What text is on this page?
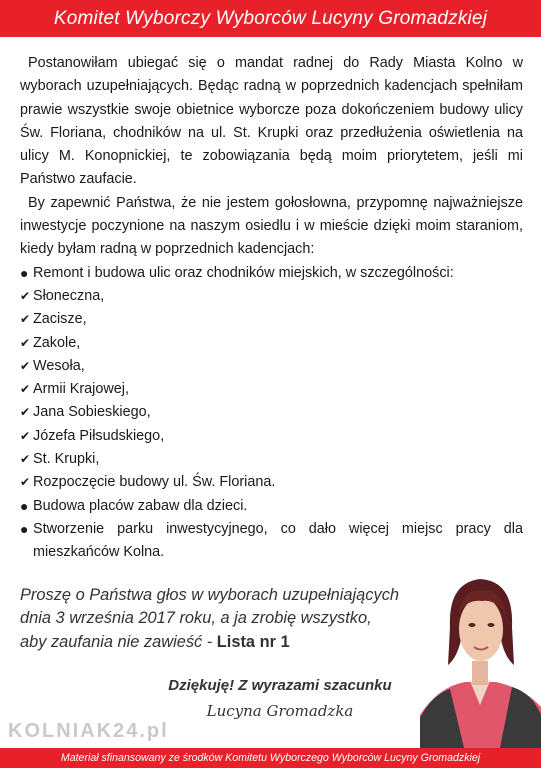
Komitet Wyborczy Wyborców Lucyny Gromadzkiej

Postanowiłam ubiegać się o mandat radnej do Rady Miasta Kolno w wyborach uzupełniających. Będąc radną w poprzednich kadencjach spełniłam prawie wszystkie swoje obietnice wyborcze poza dokończeniem budowy ulicy Św. Floriana, chodników na ul. St. Krupki oraz przedłużenia oświetlenia na ulicy M. Konopnickiej, te zobowiązania będą moim priorytetem, jeśli mi Państwo zaufacie.

By zapewnić Państwa, że nie jestem gołosłowna, przypomnę najważniejsze inwestycje poczynione na naszym osiedlu i w mieście dzięki moim staraniom, kiedy byłam radną w poprzednich kadencjach:

● Remont i budowa ulic oraz chodników miejskich, w szczególności:
✔ Słoneczna,
✔ Zacisze,
✔ Zakole,
✔ Wesoła,
✔ Armii Krajowej,
✔ Jana Sobieskiego,
✔ Józefa Piłsudskiego,
✔ St. Krupki,
✔ Rozpoczęcie budowy ul. Św. Floriana.
● Budowa placów zabaw dla dzieci.
● Stworzenie parku inwestycyjnego, co dało więcej miejsc pracy dla mieszkańców Kolna.
Proszę o Państwa głos w wyborach uzupełniających
dnia 3 września 2017 roku, a ja zrobię wszystko,
aby zaufania nie zawieść - Lista nr 1
Dziękuję! Z wyrazami szacunku
Lucyna Gromadzka
KOLNIAK24.pl
Materiał sfinansowany ze środków Komitetu Wyborczego Wyborców Lucyny Gromadzkiej
